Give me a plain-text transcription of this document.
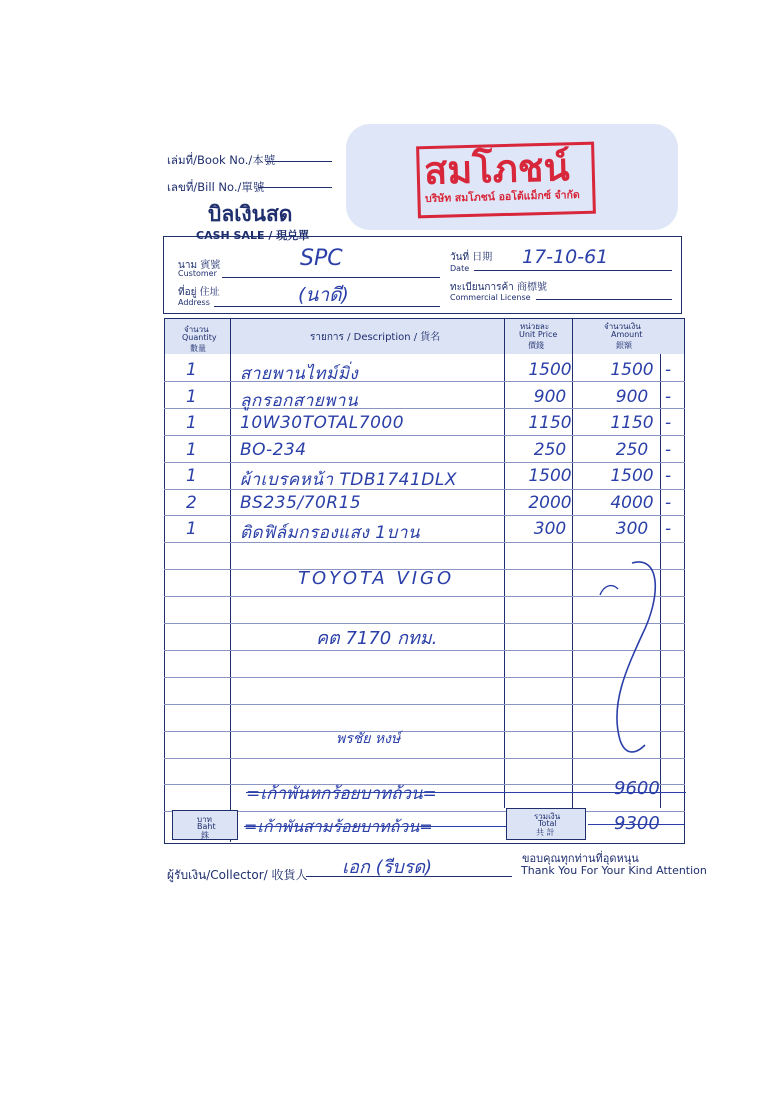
เล่มที่/Book No./本號
เลขที่/Bill No./單號
บิลเงินสด
CASH SALE / 現兑單
สมโภชน์
บริษัท สมโภชน์ ออโต้แม็กซ์ จำกัด
นาม 賓號
Customer
SPC
ที่อยู่ 住址
Address	(นาดี)
วันที่ 日期
Date
17-10-61
ทะเบียนการค้า 商標號
Commercial License
จำนวน
Quantity
數量
รายการ / Description / 貨名
หน่วยละ
Unit Price
價錢
จำนวนเงิน
Amount
銀額
1	สายพานไทม์มิ่ง	1500	1500 -
1	ลูกรอกสายพาน	900	900 -
1	10W30TOTAL7000	1150	1150 -
1	BO-234	250	250 -
1	ผ้าเบรคหน้า TDB1741DLX	1500	1500 -
2	BS235/70R15	2000	4000 -
1	ติดฟิล์มกรองแสง 1บาน	300	300 -
TOYOTA VIGO
คต 7170 กทม.
พรชัย หงษ์
=เก้าพันหกร้อยบาทถ้วน=	9600
บาท
Baht
銖 =เก้าพันสามร้อยบาทถ้วน=
รวมเงิน
Total
共 計	9300
ผู้รับเงิน/Collector/ 收貨人 เอก (รีบรด)	ขอบคุณทุกท่านที่อุดหนุน
Thank You For Your Kind Attention
